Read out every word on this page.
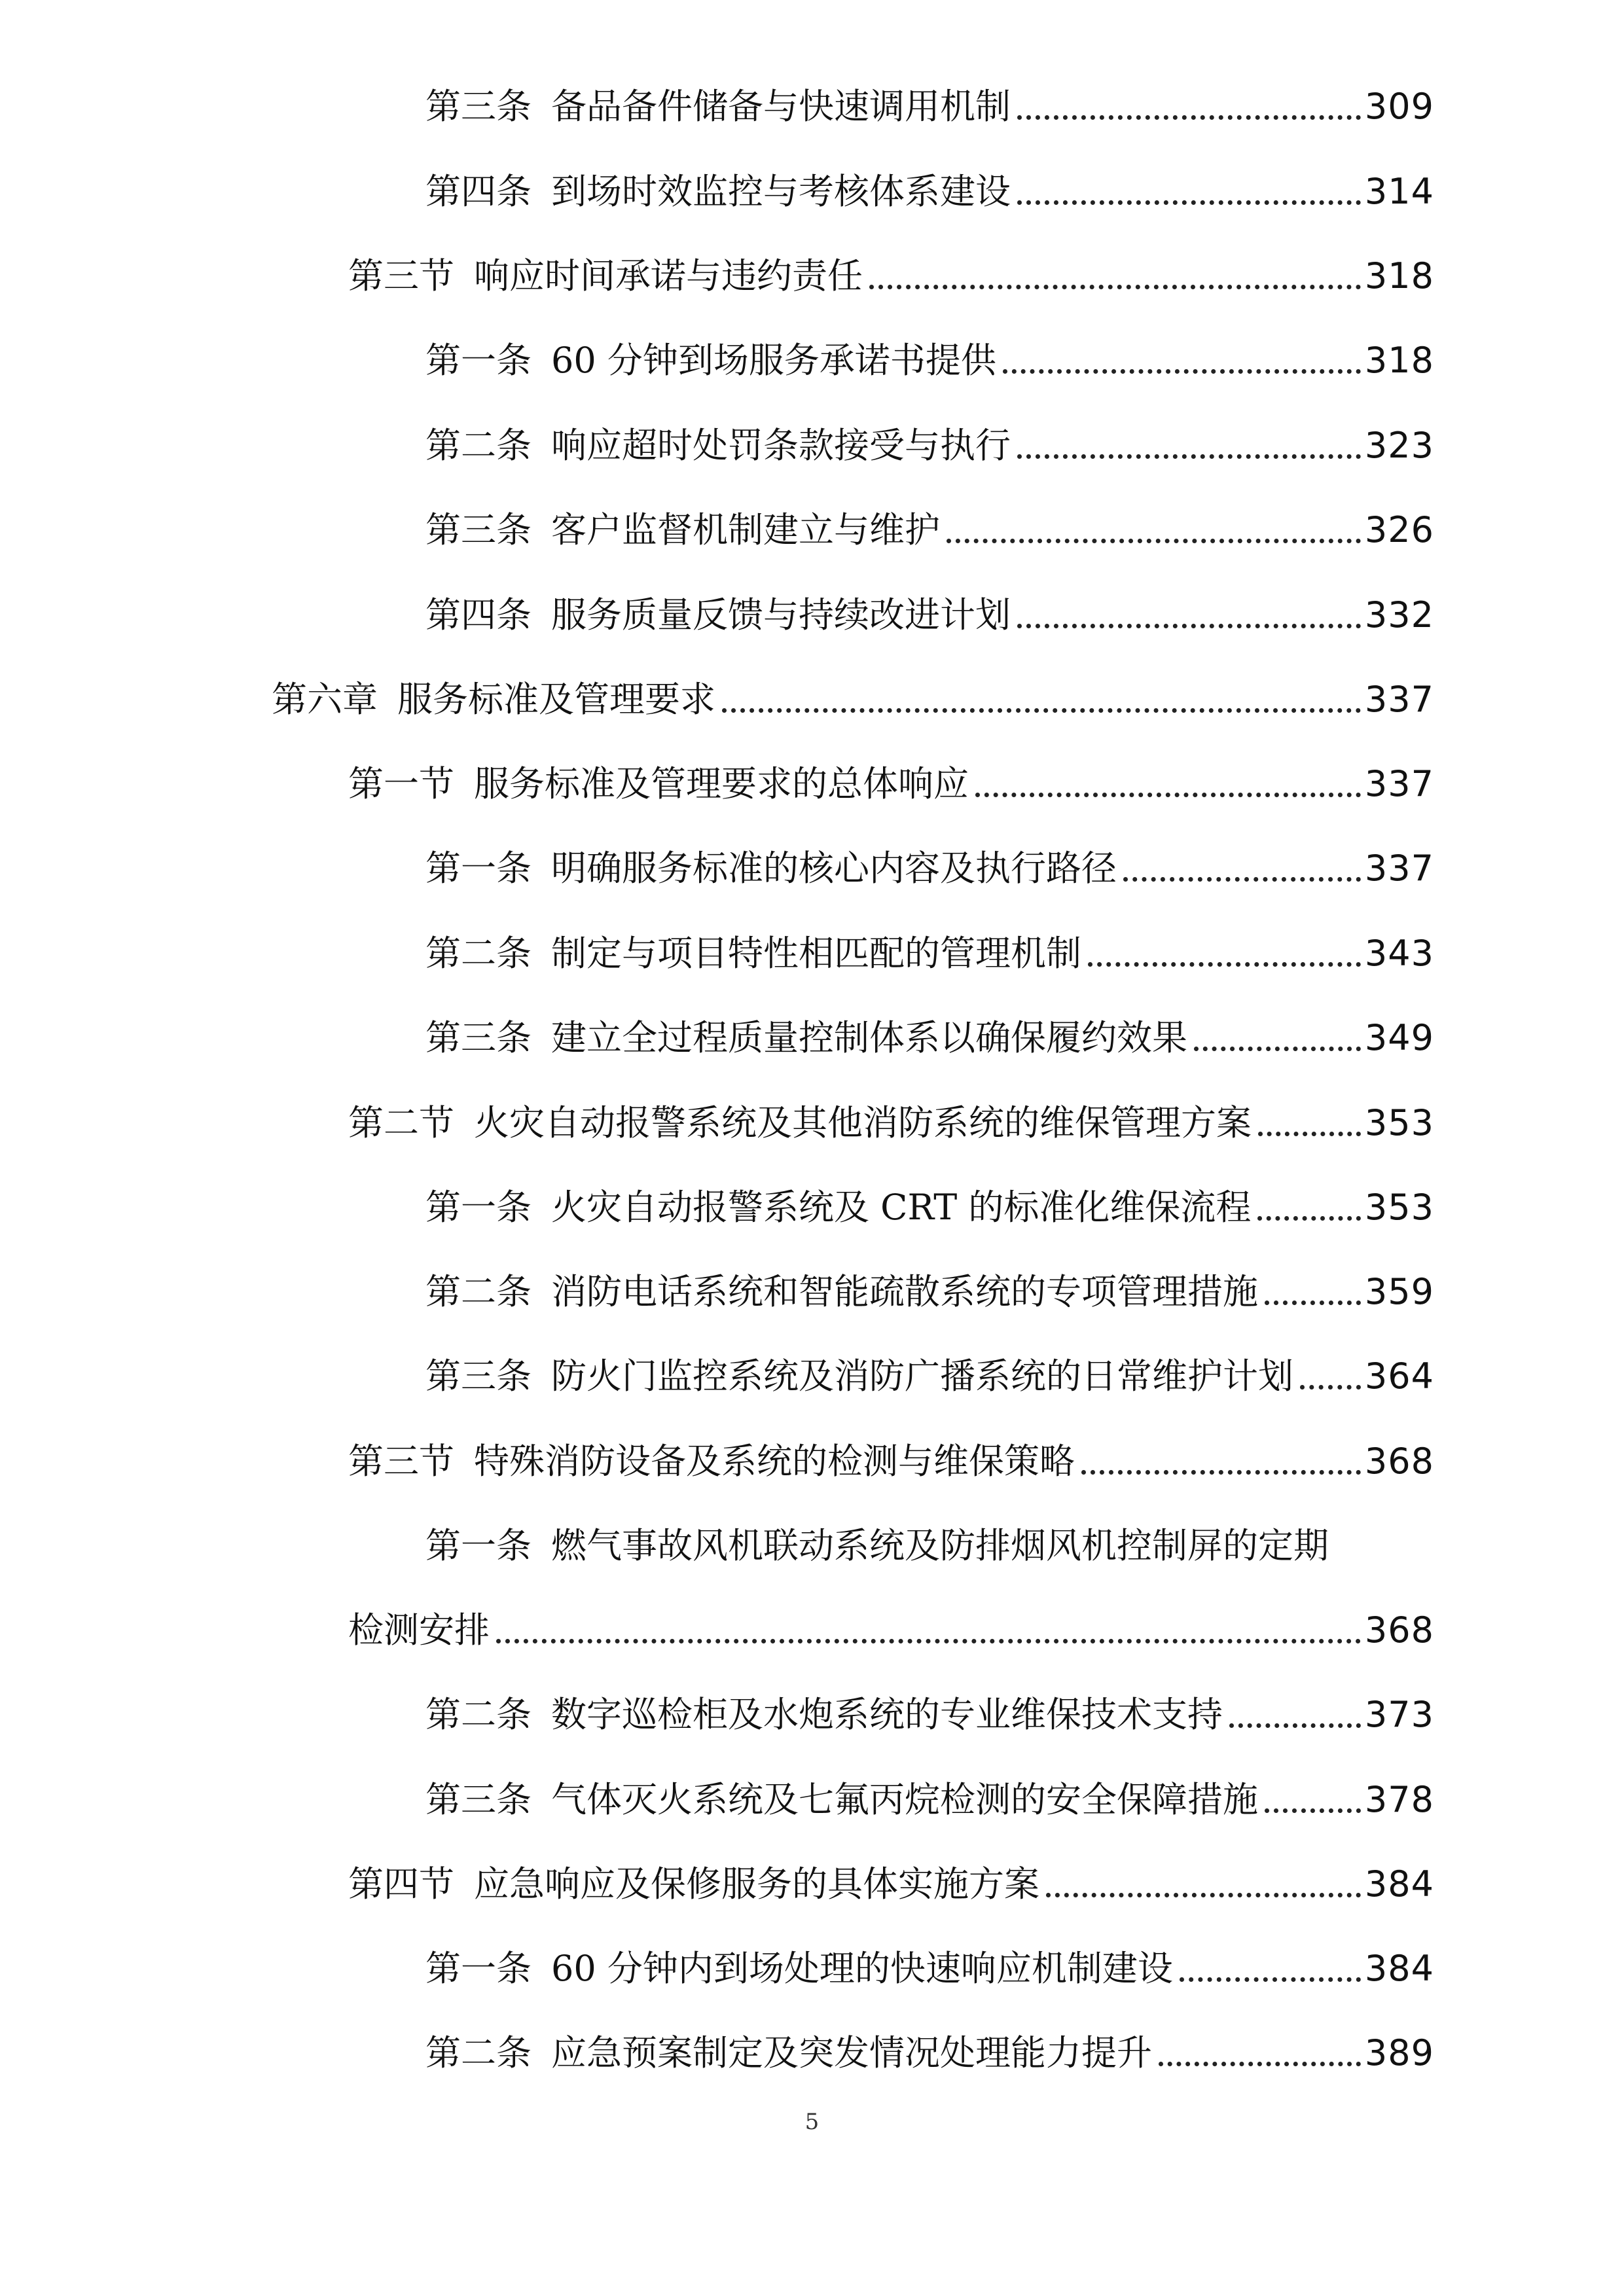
第三条 备品备件储备与快速调用机制	309
第四条 到场时效监控与考核体系建设	314
第三节 响应时间承诺与违约责任	318
第一条 60 分钟到场服务承诺书提供	318
第二条 响应超时处罚条款接受与执行	323
第三条 客户监督机制建立与维护	326
第四条 服务质量反馈与持续改进计划	332
第六章 服务标准及管理要求	337
第一节 服务标准及管理要求的总体响应	337
第一条 明确服务标准的核心内容及执行路径	337
第二条 制定与项目特性相匹配的管理机制	343
第三条 建立全过程质量控制体系以确保履约效果	349
第二节 火灾自动报警系统及其他消防系统的维保管理方案	353
第一条 火灾自动报警系统及 CRT 的标准化维保流程	353
第二条 消防电话系统和智能疏散系统的专项管理措施	359
第三条 防火门监控系统及消防广播系统的日常维护计划 364
第三节 特殊消防设备及系统的检测与维保策略	368
第一条 燃气事故风机联动系统及防排烟风机控制屏的定期
检测安排	368
第二条 数字巡检柜及水炮系统的专业维保技术支持	373
第三条 气体灭火系统及七氟丙烷检测的安全保障措施	378
第四节 应急响应及保修服务的具体实施方案	384
第一条 60 分钟内到场处理的快速响应机制建设	384
第二条 应急预案制定及突发情况处理能力提升	389
5
